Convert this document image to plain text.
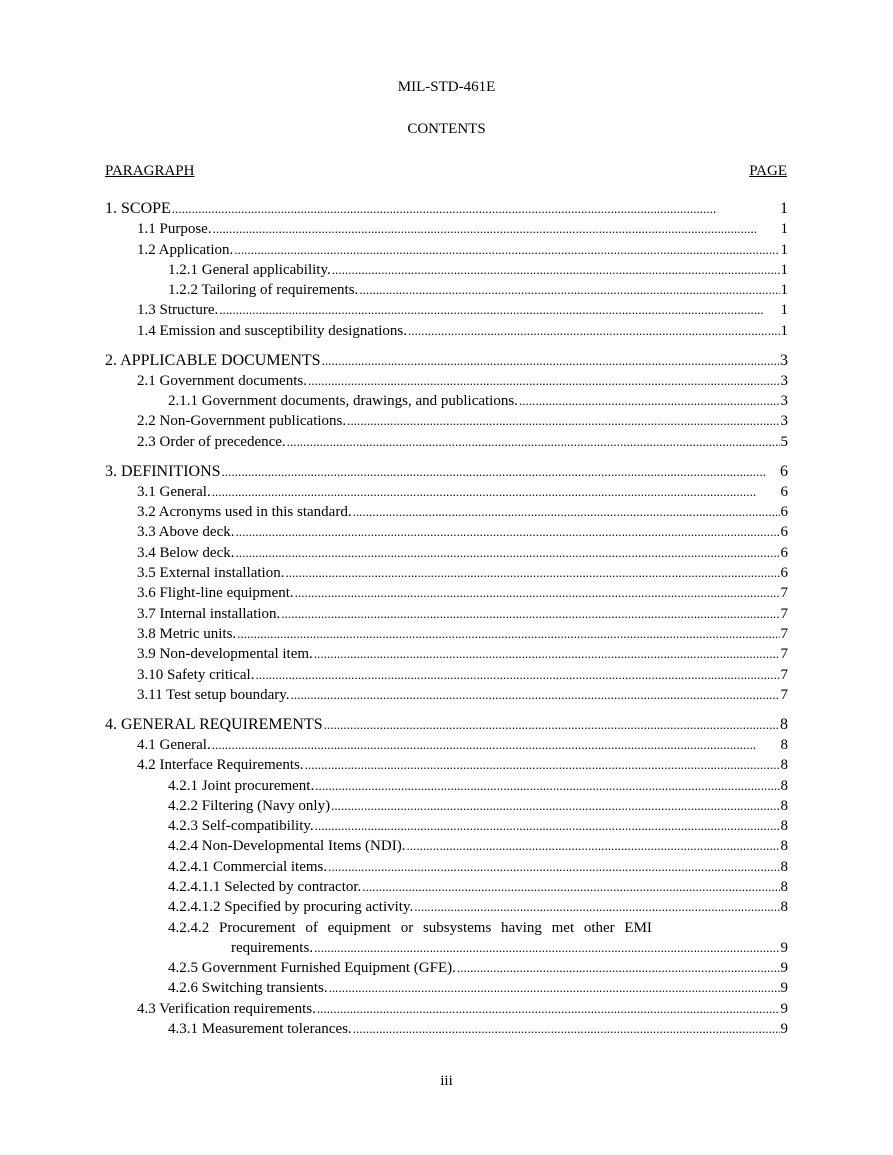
MIL-STD-461E
CONTENTS
PARAGRAPH	PAGE
1. SCOPE . . .	1
1.1 Purpose. . . .	1
1.2 Application. . . .	1
1.2.1 General applicability. . . .	1
1.2.2 Tailoring of requirements. . . .	1
1.3 Structure. . . .	1
1.4 Emission and susceptibility designations. . . .	1
2. APPLICABLE DOCUMENTS . . .	3
2.1 Government documents. . . .	3
2.1.1 Government documents, drawings, and publications. . . .	3
2.2 Non-Government publications. . . .	3
2.3 Order of precedence. . . .	5
3. DEFINITIONS . . .	6
3.1 General. . . .	6
3.2 Acronyms used in this standard. . . .	6
3.3 Above deck. . . .	6
3.4 Below deck. . . .	6
3.5 External installation. . . .	6
3.6 Flight-line equipment. . . .	7
3.7 Internal installation. . . .	7
3.8 Metric units. . . .	7
3.9 Non-developmental item. . . .	7
3.10 Safety critical. . . .	7
3.11 Test setup boundary. . . .	7
4. GENERAL REQUIREMENTS . . .	8
4.1 General. . . .	8
4.2 Interface Requirements. . . .	8
4.2.1 Joint procurement. . . .	8
4.2.2 Filtering (Navy only) . . .	8
4.2.3 Self-compatibility. . . .	8
4.2.4 Non-Developmental Items (NDI). . . .	8
4.2.4.1 Commercial items. . . .	8
4.2.4.1.1 Selected by contractor. . . .	8
4.2.4.1.2 Specified by procuring activity. . . .	8
4.2.4.2 Procurement of equipment or subsystems having met other EMI
requirements. . . .	9
4.2.5 Government Furnished Equipment (GFE). . . .	9
4.2.6 Switching transients. . . .	9
4.3 Verification requirements. . . .	9
4.3.1 Measurement tolerances. . . .	9
iii
